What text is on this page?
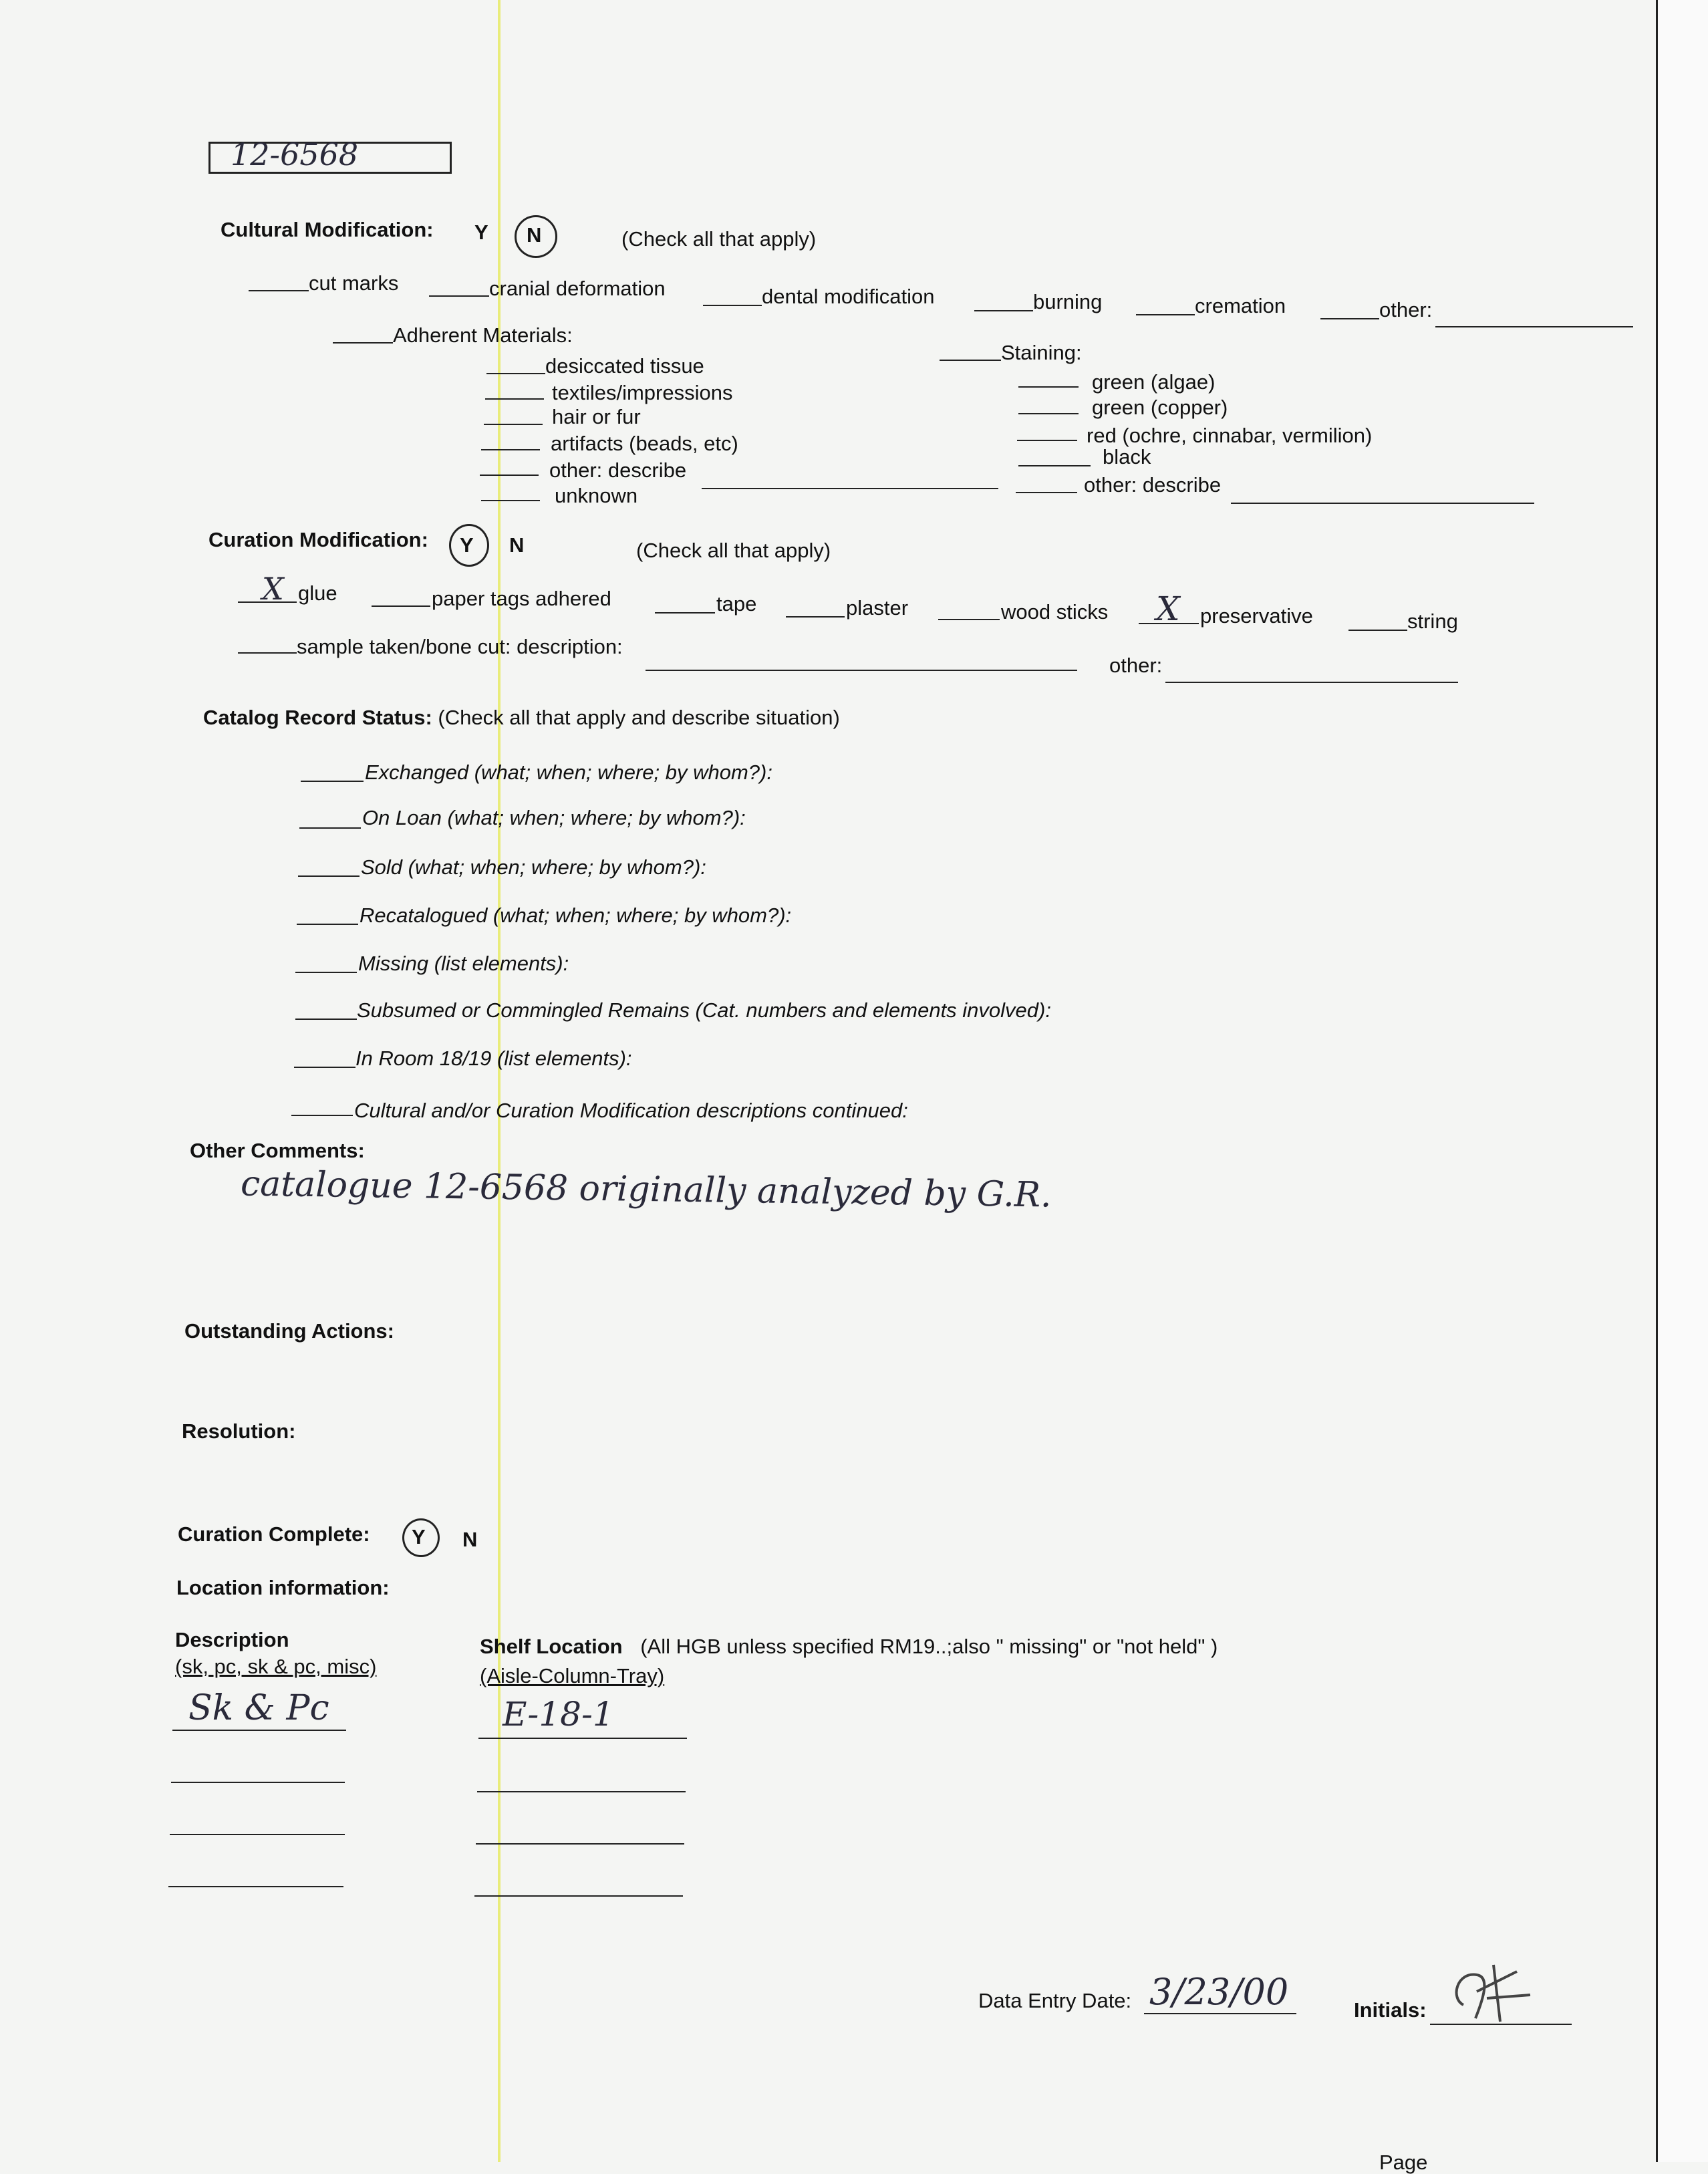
12-6568
Cultural Modification: Y N	(Check all that apply)
cut marks	cranial deformation	dental modification	burning	cremation	other:
Adherent Materials:
desiccated tissue
textiles/impressions
hair or fur
artifacts (beads, etc)
other: describe
unknown
Staining:
green (algae)
green (copper)
red (ochre, cinnabar, vermilion)
black
other: describe
Curation Modification: Y N	(Check all that apply)
X glue	paper tags adhered	tape	plaster	wood sticks X preservative	string
sample taken/bone cut: description:
other:
Catalog Record Status: (Check all that apply and describe situation)
Exchanged (what; when; where; by whom?):
On Loan (what; when; where; by whom?):
Sold (what; when; where; by whom?):
Recatalogued (what; when; where; by whom?):
Missing (list elements):
Subsumed or Commingled Remains (Cat. numbers and elements involved):
In Room 18/19 (list elements):
Cultural and/or Curation Modification descriptions continued:
Other Comments:
catalogue 12-6568 originally analyzed by G.R.
Outstanding Actions:
Resolution:
Curation Complete: Y N
Location information:
Description
(sk, pc, sk & pc, misc)
Sk & Pc
Shelf Location (All HGB unless specified RM19..;also " missing" or "not held" )
(Aisle-Column-Tray)
E-18-1
Data Entry Date: 3/23/00	Initials:
Page
